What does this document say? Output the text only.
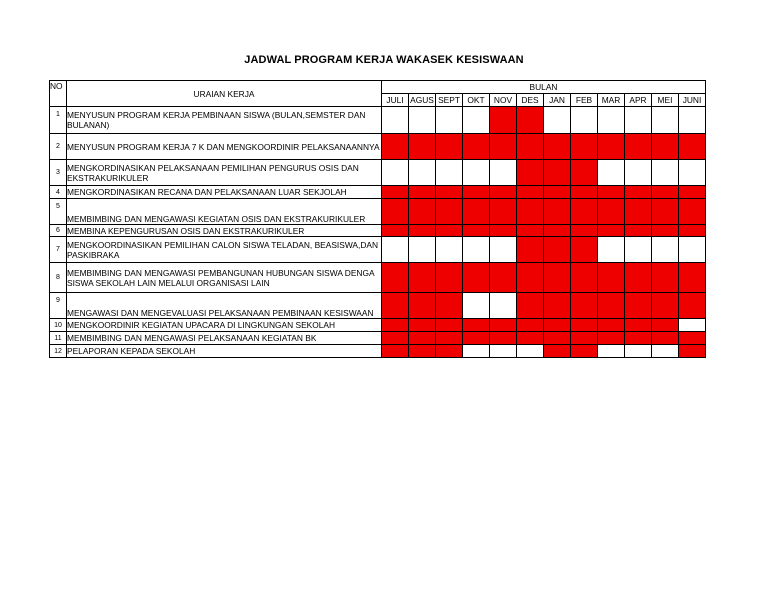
JADWAL PROGRAM KERJA WAKASEK KESISWAAN
NO	URAIAN KERJA	BULAN											
		JULI	AGUS	SEPT	OKT	NOV	DES	JAN	FEB	MAR	APR	MEI	JUNI
1	MENYUSUN PROGRAM KERJA PEMBINAAN SISWA (BULAN,SEMSTER DAN BULANAN)												
2	MENYUSUN PROGRAM KERJA 7 K DAN MENGKOORDINIR PELAKSANAANNYA												
3	MENGKORDINASIKAN PELAKSANAAN PEMILIHAN PENGURUS OSIS DAN EKSTRAKURIKULER												
4	MENGKORDINASIKAN RECANA DAN PELAKSANAAN LUAR SEKJOLAH												
5	MEMBIMBING DAN MENGAWASI KEGIATAN OSIS DAN EKSTRAKURIKULER												
6	MEMBINA KEPENGURUSAN OSIS DAN EKSTRAKURIKULER												
7	MENGKOORDINASIKAN PEMILIHAN CALON SISWA TELADAN, BEASISWA,DAN PASKIBRAKA												
8	MEMBIMBING DAN MENGAWASI PEMBANGUNAN HUBUNGAN SISWA DENGA SISWA SEKOLAH LAIN MELALUI ORGANISASI LAIN												
9	MENGAWASI DAN MENGEVALUASI PELAKSANAAN PEMBINAAN KESISWAAN												
10	MENGKOORDINIR KEGIATAN UPACARA DI LINGKUNGAN SEKOLAH												
11	MEMBIMBING DAN MENGAWASI PELAKSANAAN KEGIATAN BK												
12	PELAPORAN KEPADA SEKOLAH												
